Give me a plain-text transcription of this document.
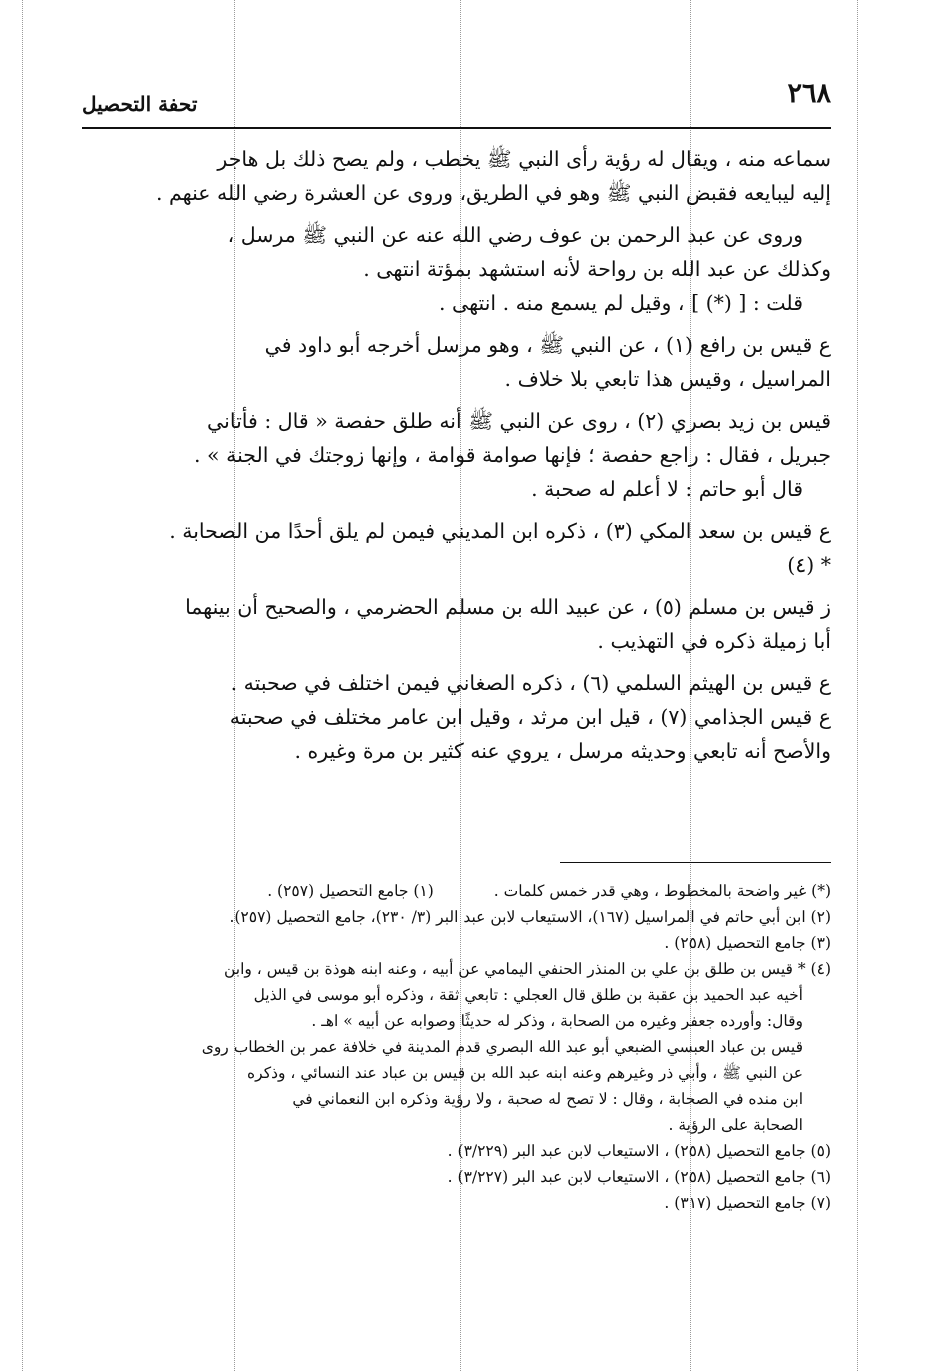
٢٦٨
تحفة التحصيل
سماعه منه ، ويقال له رؤية رأى النبي ﷺ يخطب ، ولم يصح ذلك بل هاجر
إليه ليبايعه فقبض النبي ﷺ وهو في الطريق، وروى عن العشرة رضي الله عنهم .
وروى عن عبد الرحمن بن عوف رضي الله عنه عن النبي ﷺ مرسل ،
وكذلك عن عبد الله بن رواحة لأنه استشهد بمؤتة انتهى .
قلت : [ (*) ] ، وقيل لم يسمع منه . انتهى .
ع قيس بن رافع (١) ، عن النبي ﷺ ، وهو مرسل أخرجه أبو داود في
المراسيل ، وقيس هذا تابعي بلا خلاف .
قيس بن زيد بصري (٢) ، روى عن النبي ﷺ أنه طلق حفصة « قال : فأتاني
جبريل ، فقال : راجع حفصة ؛ فإنها صوامة قوامة ، وإنها زوجتك في الجنة » .
قال أبو حاتم : لا أعلم له صحبة .
ع قيس بن سعد المكي (٣) ، ذكره ابن المديني فيمن لم يلق أحدًا من الصحابة .
* (٤)
ز قيس بن مسلم (٥) ، عن عبيد الله بن مسلم الحضرمي ، والصحيح أن بينهما
أبا زميلة ذكره في التهذيب .
ع قيس بن الهيثم السلمي (٦) ، ذكره الصغاني فيمن اختلف في صحبته .
ع قيس الجذامي (٧) ، قيل ابن مرثد ، وقيل ابن عامر مختلف في صحبته
والأصح أنه تابعي وحديثه مرسل ، يروي عنه كثير بن مرة وغيره .
(*) غير واضحة بالمخطوط ، وهي قدر خمس كلمات .(١) جامع التحصيل (٢٥٧) .
(٢) ابن أبي حاتم في المراسيل (١٦٧)، الاستيعاب لابن عبد البر (٣/ ٢٣٠)، جامع التحصيل (٢٥٧).
(٣) جامع التحصيل (٢٥٨) .
(٤) * قيس بن طلق بن علي بن المنذر الحنفي اليمامي عن أبيه ، وعنه ابنه هوذة بن قيس ، وابن
أخيه عبد الحميد بن عقبة بن طلق قال العجلي : تابعي ثقة ، وذكره أبو موسى في الذيل
وقال: وأورده جعفر وغيره من الصحابة ، وذكر له حديثًا وصوابه عن أبيه » اهـ .
قيس بن عباد العبسي الضبعي أبو عبد الله البصري قدم المدينة في خلافة عمر بن الخطاب روى
عن النبي ﷺ ، وأبي ذر وغيرهم وعنه ابنه عبد الله بن قيس بن عباد عند النسائي ، وذكره
ابن منده في الصحابة ، وقال : لا تصح له صحبة ، ولا رؤية وذكره ابن النعماني في
الصحابة على الرؤية .
(٥) جامع التحصيل (٢٥٨) ، الاستيعاب لابن عبد البر (٣/٢٢٩) .
(٦) جامع التحصيل (٢٥٨) ، الاستيعاب لابن عبد البر (٣/٢٢٧) .
(٧) جامع التحصيل (٣١٧) .
